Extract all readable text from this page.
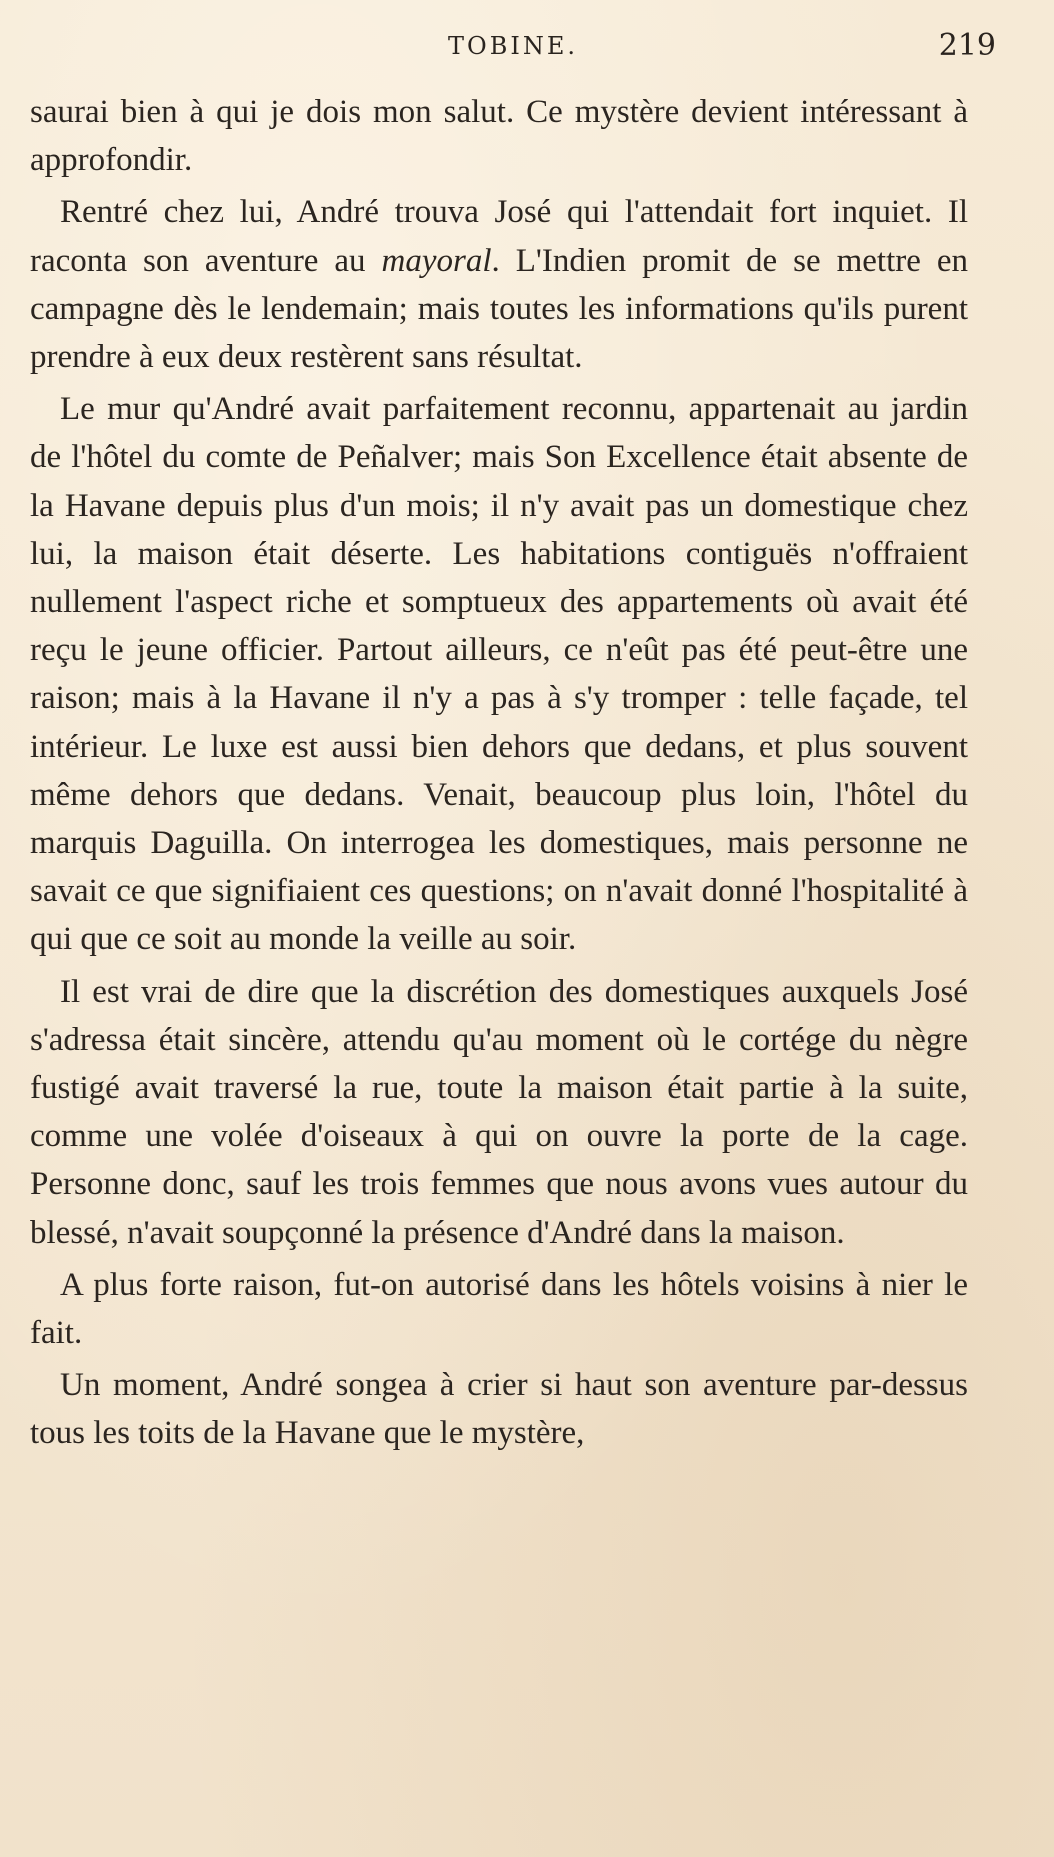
TOBINE.	219

saurai bien à qui je dois mon salut. Ce mystère devient intéressant à approfondir.

Rentré chez lui, André trouva José qui l'attendait fort inquiet. Il raconta son aventure au mayoral. L'Indien promit de se mettre en campagne dès le lendemain; mais toutes les informations qu'ils purent prendre à eux deux restèrent sans résultat.

Le mur qu'André avait parfaitement reconnu, appartenait au jardin de l'hôtel du comte de Peñalver; mais Son Excellence était absente de la Havane depuis plus d'un mois; il n'y avait pas un domestique chez lui, la maison était déserte. Les habitations contiguës n'offraient nullement l'aspect riche et somptueux des appartements où avait été reçu le jeune officier. Partout ailleurs, ce n'eût pas été peut-être une raison; mais à la Havane il n'y a pas à s'y tromper : telle façade, tel intérieur. Le luxe est aussi bien dehors que dedans, et plus souvent même dehors que dedans. Venait, beaucoup plus loin, l'hôtel du marquis Daguilla. On interrogea les domestiques, mais personne ne savait ce que signifiaient ces questions; on n'avait donné l'hospitalité à qui que ce soit au monde la veille au soir.

Il est vrai de dire que la discrétion des domestiques auxquels José s'adressa était sincère, attendu qu'au moment où le cortége du nègre fustigé avait traversé la rue, toute la maison était partie à la suite, comme une volée d'oiseaux à qui on ouvre la porte de la cage. Personne donc, sauf les trois femmes que nous avons vues autour du blessé, n'avait soupçonné la présence d'André dans la maison.

A plus forte raison, fut-on autorisé dans les hôtels voisins à nier le fait.

Un moment, André songea à crier si haut son aventure par-dessus tous les toits de la Havane que le mystère,
